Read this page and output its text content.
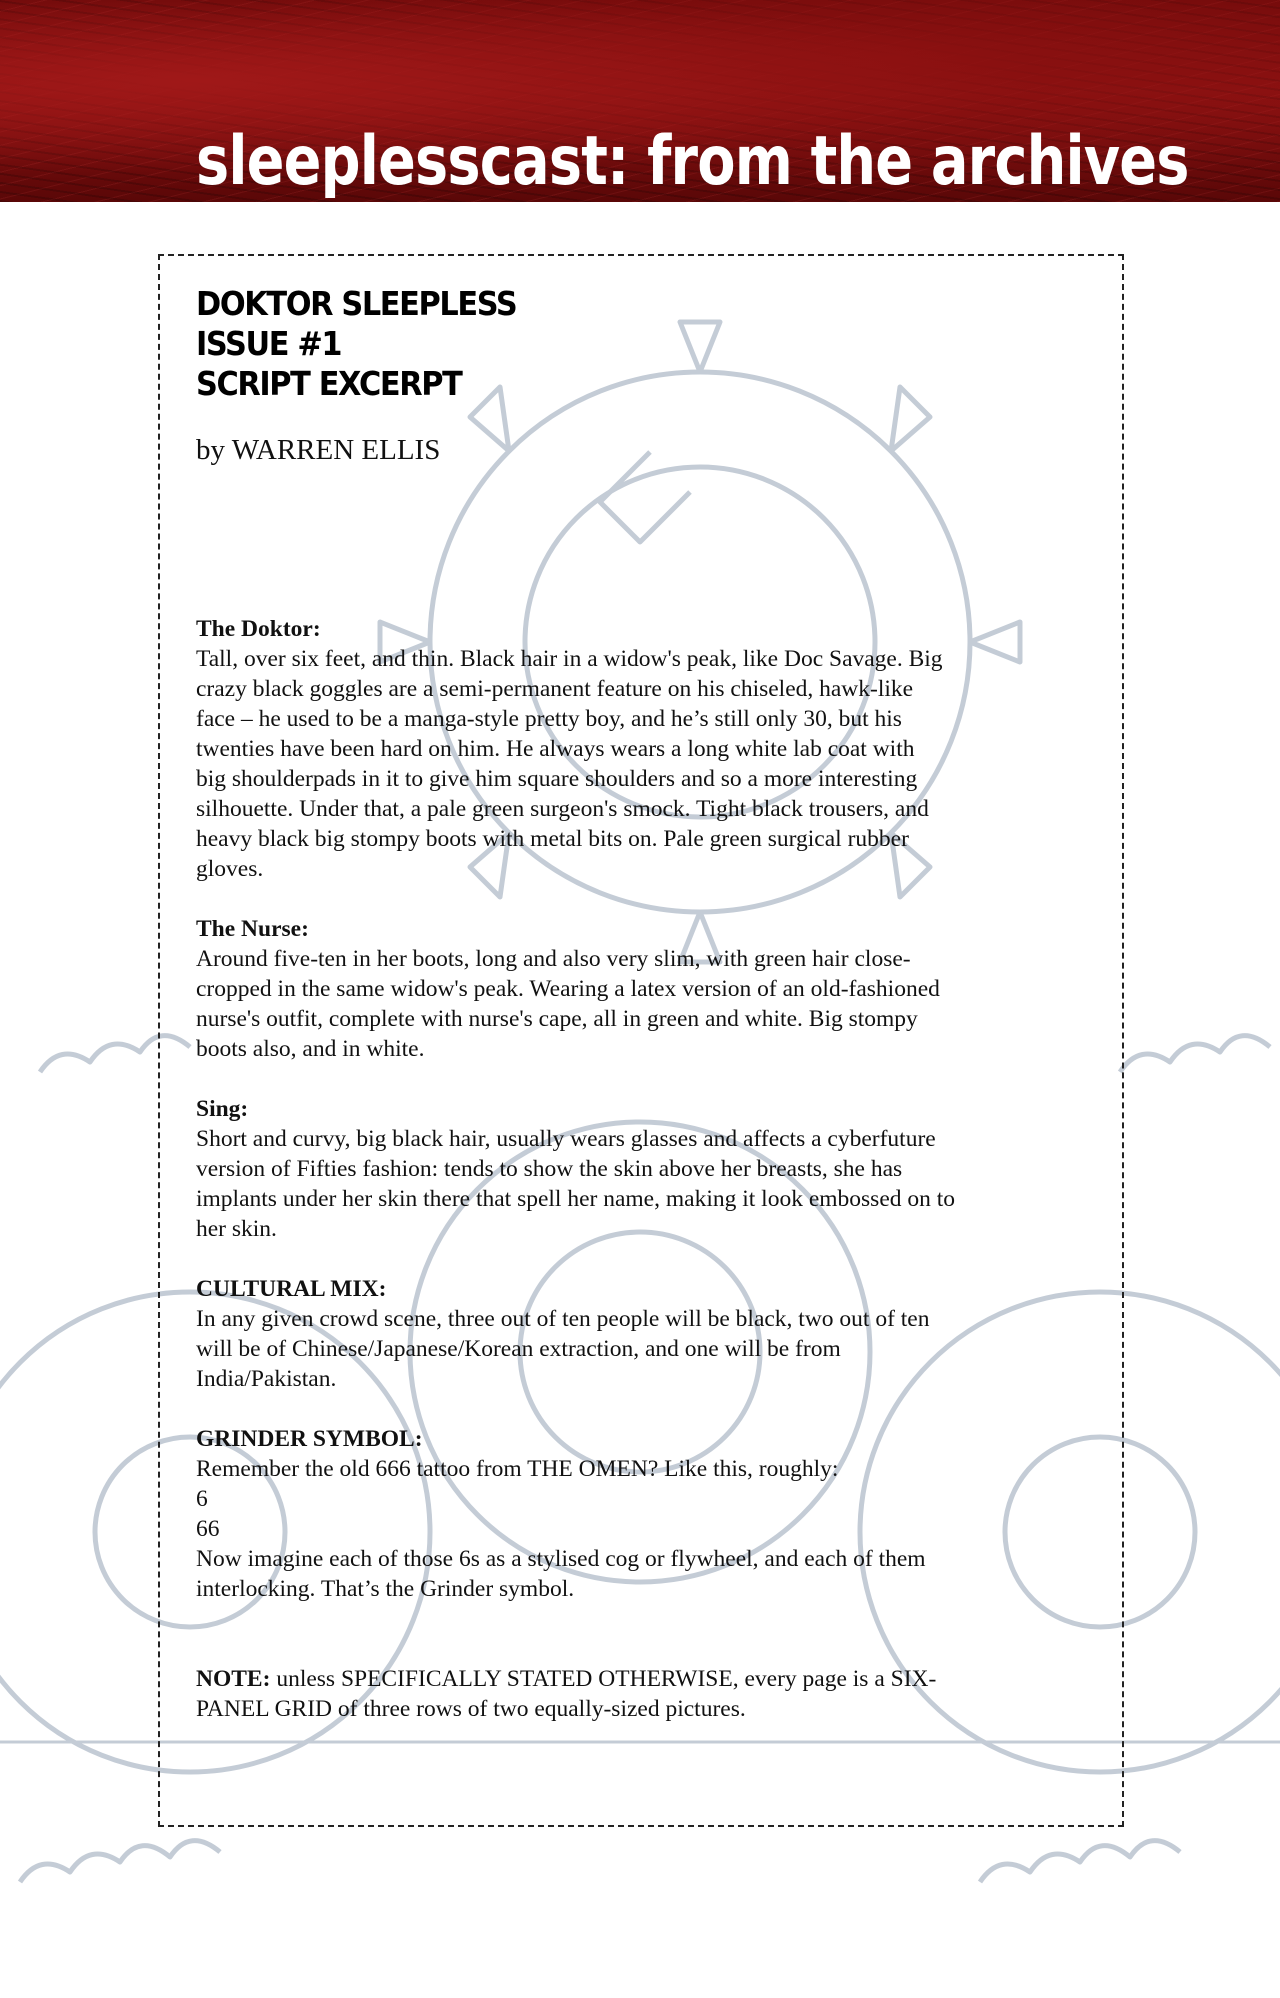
sleeplesscast: from the archives
DOKTOR SLEEPLESS
ISSUE #1
SCRIPT EXCERPT
by WARREN ELLIS
The Doktor:
Tall, over six feet, and thin. Black hair in a widow's peak, like Doc Savage. Big
crazy black goggles are a semi-permanent feature on his chiseled, hawk-like
face – he used to be a manga-style pretty boy, and he’s still only 30, but his
twenties have been hard on him. He always wears a long white lab coat with
big shoulderpads in it to give him square shoulders and so a more interesting
silhouette. Under that, a pale green surgeon's smock. Tight black trousers, and
heavy black big stompy boots with metal bits on. Pale green surgical rubber
gloves.
The Nurse:
Around five-ten in her boots, long and also very slim, with green hair close-
cropped in the same widow's peak. Wearing a latex version of an old-fashioned
nurse's outfit, complete with nurse's cape, all in green and white. Big stompy
boots also, and in white.
Sing:
Short and curvy, big black hair, usually wears glasses and affects a cyberfuture
version of Fifties fashion: tends to show the skin above her breasts, she has
implants under her skin there that spell her name, making it look embossed on to
her skin.
CULTURAL MIX:
In any given crowd scene, three out of ten people will be black, two out of ten
will be of Chinese/Japanese/Korean extraction, and one will be from
India/Pakistan.
GRINDER SYMBOL:
Remember the old 666 tattoo from THE OMEN? Like this, roughly:
6
66
Now imagine each of those 6s as a stylised cog or flywheel, and each of them
interlocking. That’s the Grinder symbol.
NOTE: unless SPECIFICALLY STATED OTHERWISE, every page is a SIX-
PANEL GRID of three rows of two equally-sized pictures.
